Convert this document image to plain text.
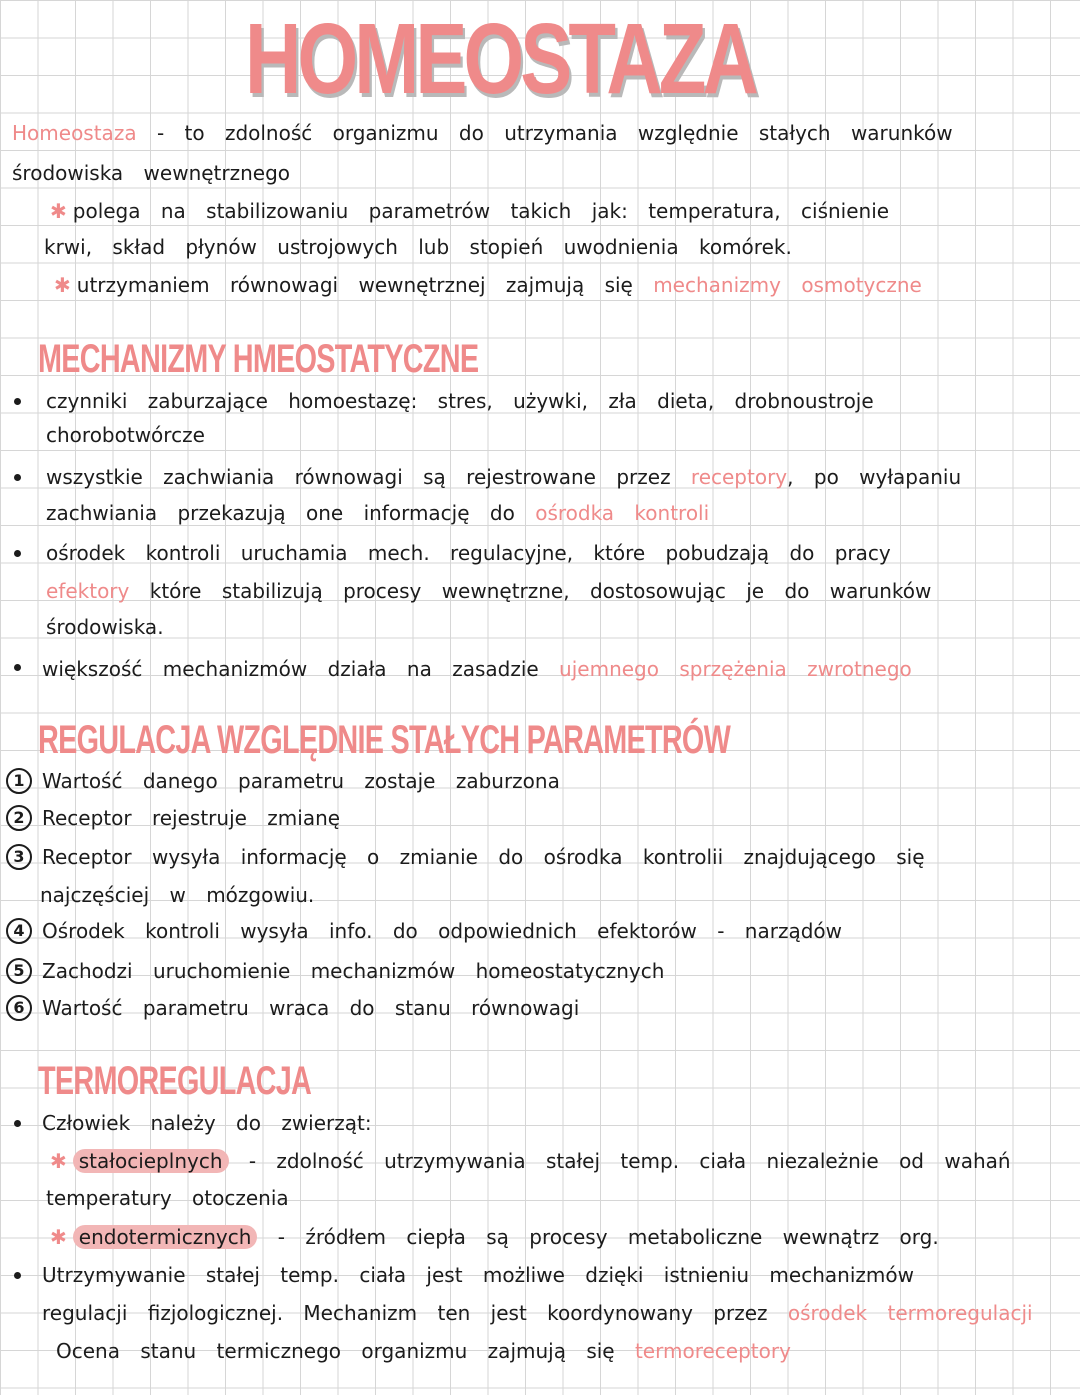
HOMEOSTAZA
Homeostaza - to zdolność organizmu do utrzymania względnie stałych warunków
środowiska wewnętrznego
✱ polega na stabilizowaniu parametrów takich jak: temperatura, ciśnienie
krwi, skład płynów ustrojowych lub stopień uwodnienia komórek.
✱ utrzymaniem równowagi wewnętrznej zajmują się mechanizmy osmotyczne
MECHANIZMY HMEOSTATYCZNE
czynniki zaburzające homoestazę: stres, używki, zła dieta, drobnoustroje
chorobotwórcze
wszystkie zachwiania równowagi są rejestrowane przez receptory, po wyłapaniu
zachwiania przekazują one informację do ośrodka kontroli
ośrodek kontroli uruchamia mech. regulacyjne, które pobudzają do pracy
efektory które stabilizują procesy wewnętrzne, dostosowując je do warunków
środowiska.
większość mechanizmów działa na zasadzie ujemnego sprzężenia zwrotnego
REGULACJA WZGLĘDNIE STAŁYCH PARAMETRÓW
1 Wartość danego parametru zostaje zaburzona
2 Receptor rejestruje zmianę
3 Receptor wysyła informację o zmianie do ośrodka kontrolii znajdującego się
najczęściej w mózgowiu.
4 Ośrodek kontroli wysyła info. do odpowiednich efektorów - narządów
5 Zachodzi uruchomienie mechanizmów homeostatycznych
6 Wartość parametru wraca do stanu równowagi
TERMOREGULACJA
Człowiek należy do zwierząt:
✱ stałocieplnych - zdolność utrzymywania stałej temp. ciała niezależnie od wahań
temperatury otoczenia
✱ endotermicznych - źródłem ciepła są procesy metaboliczne wewnątrz org.
Utrzymywanie stałej temp. ciała jest możliwe dzięki istnieniu mechanizmów
regulacji fizjologicznej. Mechanizm ten jest koordynowany przez ośrodek termoregulacji
Ocena stanu termicznego organizmu zajmują się termoreceptory
